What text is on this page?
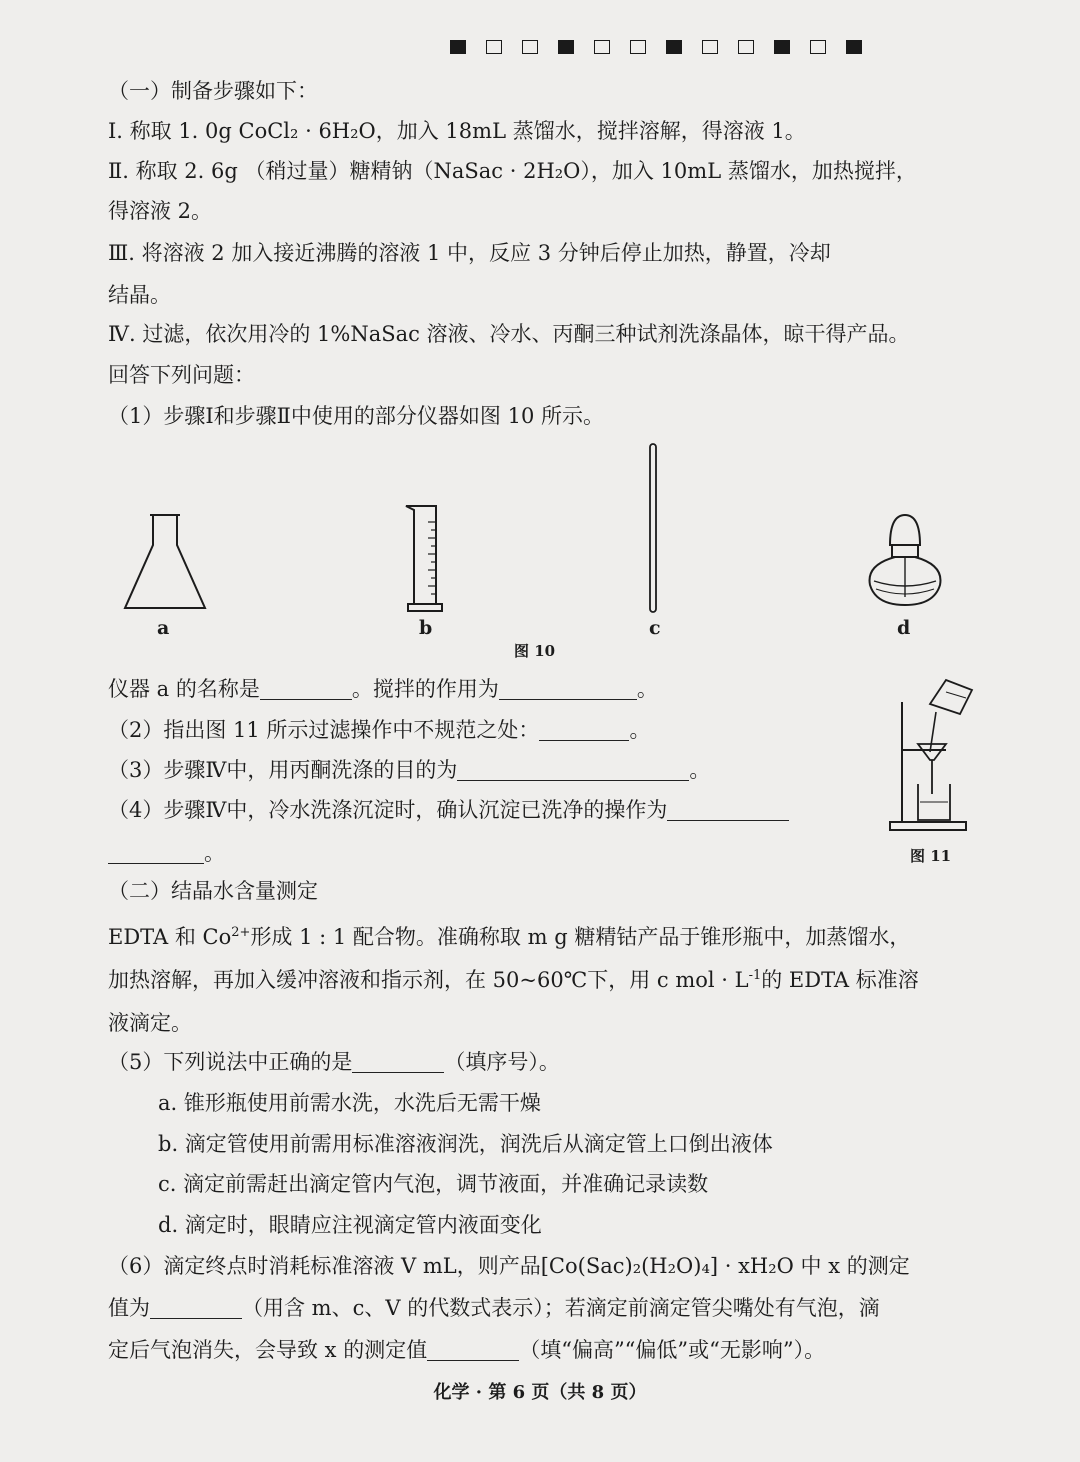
（一）制备步骤如下：
Ⅰ. 称取 1. 0g CoCl₂ · 6H₂O，加入 18mL 蒸馏水，搅拌溶解，得溶液 1。
Ⅱ. 称取 2. 6g （稍过量）糖精钠（NaSac · 2H₂O），加入 10mL 蒸馏水，加热搅拌，
得溶液 2。
Ⅲ. 将溶液 2 加入接近沸腾的溶液 1 中，反应 3 分钟后停止加热，静置，冷却
结晶。
Ⅳ. 过滤，依次用冷的 1%NaSac 溶液、冷水、丙酮三种试剂洗涤晶体，晾干得产品。
回答下列问题：
（1）步骤Ⅰ和步骤Ⅱ中使用的部分仪器如图 10 所示。
a	b	c	d
图 10
仪器 a 的名称是	。搅拌的作用为	。
（2）指出图 11 所示过滤操作中不规范之处：	。
（3）步骤Ⅳ中，用丙酮洗涤的目的为	。
（4）步骤Ⅳ中，冷水洗涤沉淀时，确认沉淀已洗净的操作为
。	图 11
（二）结晶水含量测定
EDTA 和 $Co^{2+}$形成 1 : 1 配合物。准确称取 m g 糖精钴产品于锥形瓶中，加蒸馏水，
加热溶解，再加入缓冲溶液和指示剂，在 50~60℃下，用 c mol · $L^{-1}$的 EDTA 标准溶
液滴定。
（5）下列说法中正确的是	（填序号）。
a. 锥形瓶使用前需水洗，水洗后无需干燥
b. 滴定管使用前需用标准溶液润洗，润洗后从滴定管上口倒出液体
c. 滴定前需赶出滴定管内气泡，调节液面，并准确记录读数
d. 滴定时，眼睛应注视滴定管内液面变化
（6）滴定终点时消耗标准溶液 V mL，则产品[Co(Sac)₂(H₂O)₄] · xH₂O 中 x 的测定
值为	（用含 m、c、V 的代数式表示）；若滴定前滴定管尖嘴处有气泡，滴
定后气泡消失，会导致 x 的测定值	（填“偏高”“偏低”或“无影响”）。
化学 · 第 6 页（共 8 页）
